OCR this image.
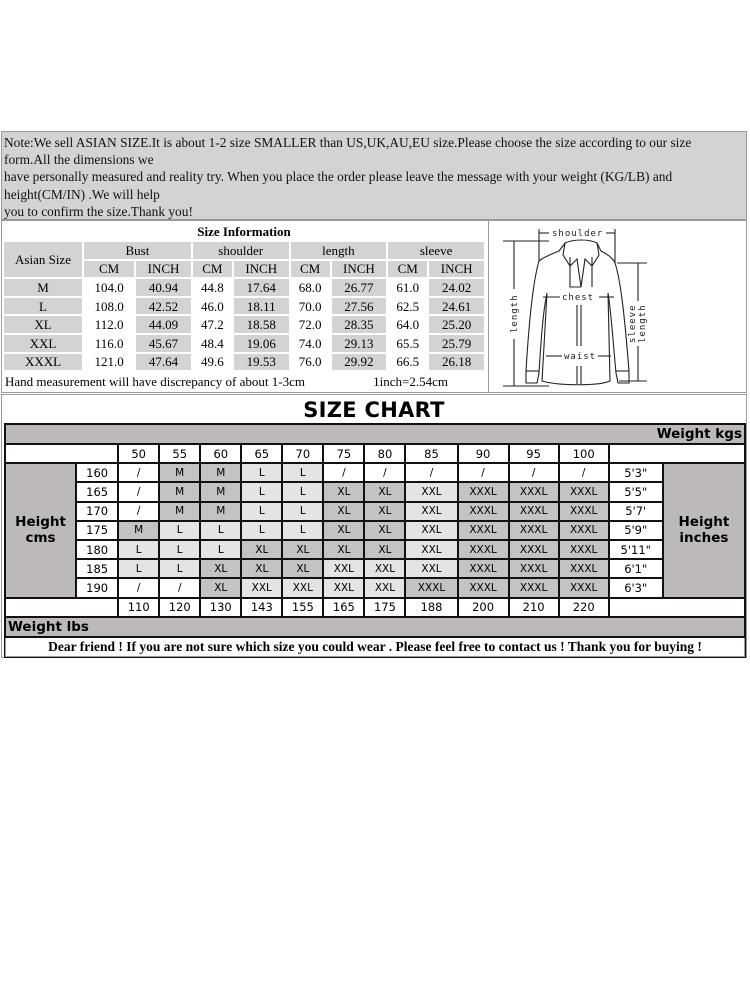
Note:We sell ASIAN SIZE.It is about 1-2 size SMALLER than US,UK,AU,EU size.Please choose the size according to our size
form.All the dimensions we
have personally measured and reality try. When you place the order please leave the message with your weight (KG/LB) and
height(CM/IN) .We will help
you to confirm the size.Thank you!
Size Information								
Asian Size	Bust		shoulder		length		sleeve	
	CM	INCH	CM	INCH	CM	INCH	CM	INCH
M	104.0	40.94	44.8	17.64	68.0	26.77	61.0	24.02
L	108.0	42.52	46.0	18.11	70.0	27.56	62.5	24.61
XL	112.0	44.09	47.2	18.58	72.0	28.35	64.0	25.20
XXL	116.0	45.67	48.4	19.06	74.0	29.13	65.5	25.79
XXXL	121.0	47.64	49.6	19.53	76.0	29.92	66.5	26.18
Hand measurement will have discrepancy of about 1-3cm 1inch=2.54cm								
shoulder
chest
waist
length	sleeve length
SIZE CHART
Weight kgs														
		50	55	60	65	70	75	80	85	90	95	100		

Height
cms
	160	/	M	M	L	L	/	/	/	/	/	/	5'3"	
Height
inches

	165	/	M	M	L	L	XL	XL	XXL	XXXL	XXXL	XXXL	5'5"	
	170	/	M	M	L	L	XL	XL	XXL	XXXL	XXXL	XXXL	5'7'	
	175	M	L	L	L	L	XL	XL	XXL	XXXL	XXXL	XXXL	5'9"	
	180	L	L	L	XL	XL	XL	XL	XXL	XXXL	XXXL	XXXL	5'11"	
	185	L	L	XL	XL	XL	XXL	XXL	XXL	XXXL	XXXL	XXXL	6'1"	
	190	/	/	XL	XXL	XXL	XXL	XXL	XXXL	XXXL	XXXL	XXXL	6'3"	
		110	120	130	143	155	165	175	188	200	210	220		
Weight lbs														
Dear friend ! If you are not sure which size you could wear . Please feel free to contact us ! Thank you for buying !														
